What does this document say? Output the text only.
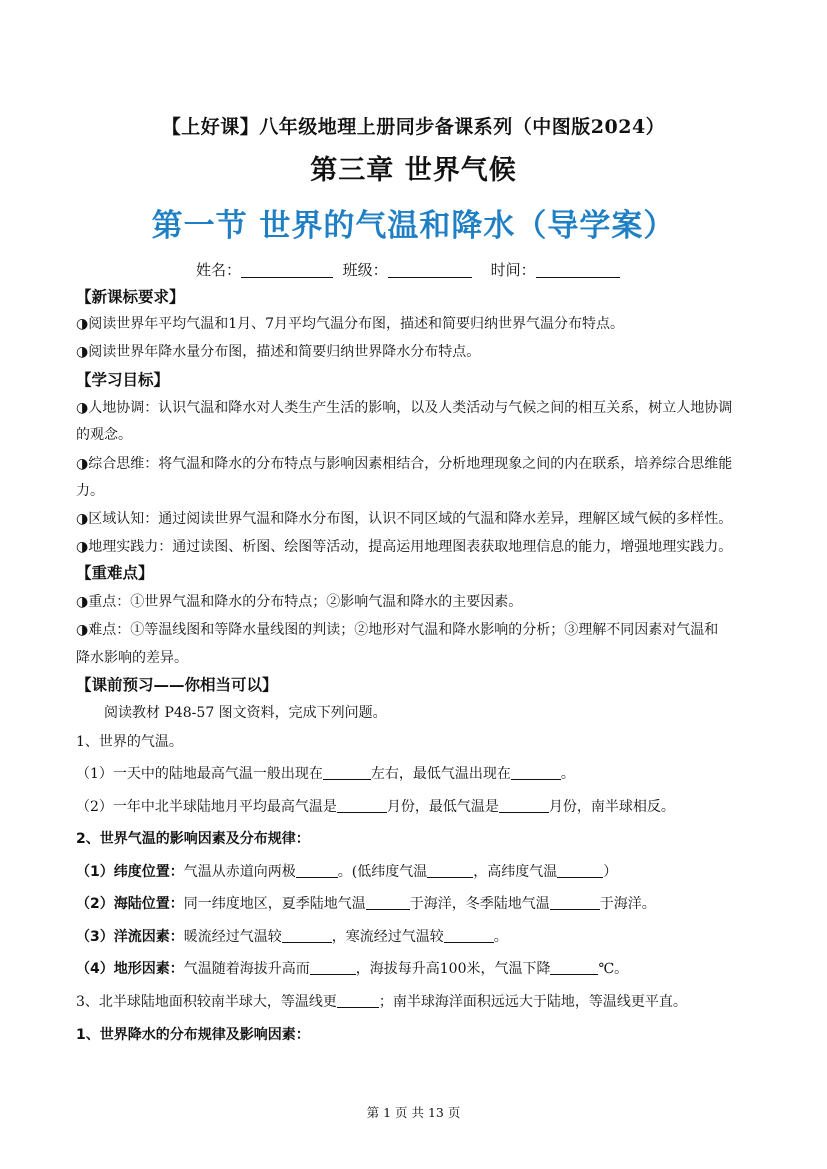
【上好课】八年级地理上册同步备课系列（中图版2024）
第三章 世界气候
第一节 世界的气温和降水（导学案）
姓名：	班级：	时间：
【新课标要求】
◑阅读世界年平均气温和1月、7月平均气温分布图，描述和简要归纳世界气温分布特点。
◑阅读世界年降水量分布图，描述和简要归纳世界降水分布特点。
【学习目标】
◑人地协调：认识气温和降水对人类生产生活的影响，以及人类活动与气候之间的相互关系，树立人地协调
的观念。
◑综合思维：将气温和降水的分布特点与影响因素相结合，分析地理现象之间的内在联系，培养综合思维能
力。
◑区域认知：通过阅读世界气温和降水分布图，认识不同区域的气温和降水差异，理解区域气候的多样性。
◑地理实践力：通过读图、析图、绘图等活动，提高运用地理图表获取地理信息的能力，增强地理实践力。
【重难点】
◑重点：①世界气温和降水的分布特点；②影响气温和降水的主要因素。
◑难点：①等温线图和等降水量线图的判读；②地形对气温和降水影响的分析；③理解不同因素对气温和
降水影响的差异。
【课前预习——你相当可以】
阅读教材 P48-57 图文资料，完成下列问题。
1、世界的气温。
（1）一天中的陆地最高气温一般出现在	左右，最低气温出现在	。
（2）一年中北半球陆地月平均最高气温是	月份，最低气温是	月份，南半球相反。
2、世界气温的影响因素及分布规律：
（1）纬度位置：气温从赤道向两极	。(低纬度气温	，高纬度气温	）
（2）海陆位置：同一纬度地区，夏季陆地气温	于海洋，冬季陆地气温	于海洋。
（3）洋流因素：暖流经过气温较	，寒流经过气温较	。
（4）地形因素：气温随着海拔升高而	，海拔每升高100米，气温下降	℃。
3、北半球陆地面积较南半球大，等温线更	；南半球海洋面积远远大于陆地，等温线更平直。
1、世界降水的分布规律及影响因素：
第 1 页 共 13 页
